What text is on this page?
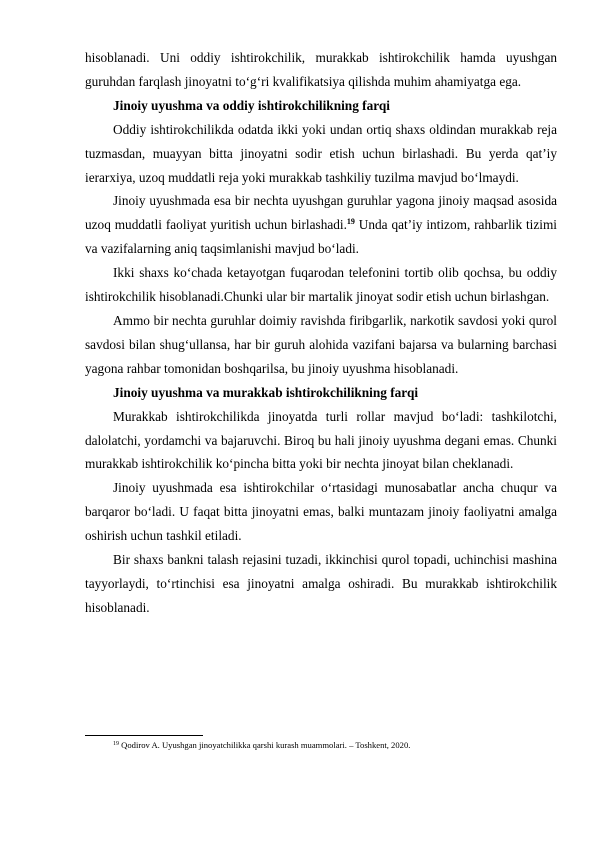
hisoblanadi. Uni oddiy ishtirokchilik, murakkab ishtirokchilik hamda uyushgan guruhdan farqlash jinoyatni to‘g‘ri kvalifikatsiya qilishda muhim ahamiyatga ega.

Jinoiy uyushma va oddiy ishtirokchilikning farqi

Oddiy ishtirokchilikda odatda ikki yoki undan ortiq shaxs oldindan murakkab reja tuzmasdan, muayyan bitta jinoyatni sodir etish uchun birlashadi. Bu yerda qat’iy ierarxiya, uzoq muddatli reja yoki murakkab tashkiliy tuzilma mavjud bo‘lmaydi.

Jinoiy uyushmada esa bir nechta uyushgan guruhlar yagona jinoiy maqsad asosida uzoq muddatli faoliyat yuritish uchun birlashadi.$^{19}$ Unda qat’iy intizom, rahbarlik tizimi va vazifalarning aniq taqsimlanishi mavjud bo‘ladi.

Ikki shaxs ko‘chada ketayotgan fuqarodan telefonini tortib olib qochsa, bu oddiy ishtirokchilik hisoblanadi.Chunki ular bir martalik jinoyat sodir etish uchun birlashgan.

Ammo bir nechta guruhlar doimiy ravishda firibgarlik, narkotik savdosi yoki qurol savdosi bilan shug‘ullansa, har bir guruh alohida vazifani bajarsa va bularning barchasi yagona rahbar tomonidan boshqarilsa, bu jinoiy uyushma hisoblanadi.

Jinoiy uyushma va murakkab ishtirokchilikning farqi

Murakkab ishtirokchilikda jinoyatda turli rollar mavjud bo‘ladi: tashkilotchi, dalolatchi, yordamchi va bajaruvchi. Biroq bu hali jinoiy uyushma degani emas. Chunki murakkab ishtirokchilik ko‘pincha bitta yoki bir nechta jinoyat bilan cheklanadi.

Jinoiy uyushmada esa ishtirokchilar o‘rtasidagi munosabatlar ancha chuqur va barqaror bo‘ladi. U faqat bitta jinoyatni emas, balki muntazam jinoiy faoliyatni amalga oshirish uchun tashkil etiladi.

Bir shaxs bankni talash rejasini tuzadi, ikkinchisi qurol topadi, uchinchisi mashina tayyorlaydi, to‘rtinchisi esa jinoyatni amalga oshiradi. Bu murakkab ishtirokchilik hisoblanadi.

$^{19}$ Qodirov A. Uyushgan jinoyatchilikka qarshi kurash muammolari. – Toshkent, 2020.
